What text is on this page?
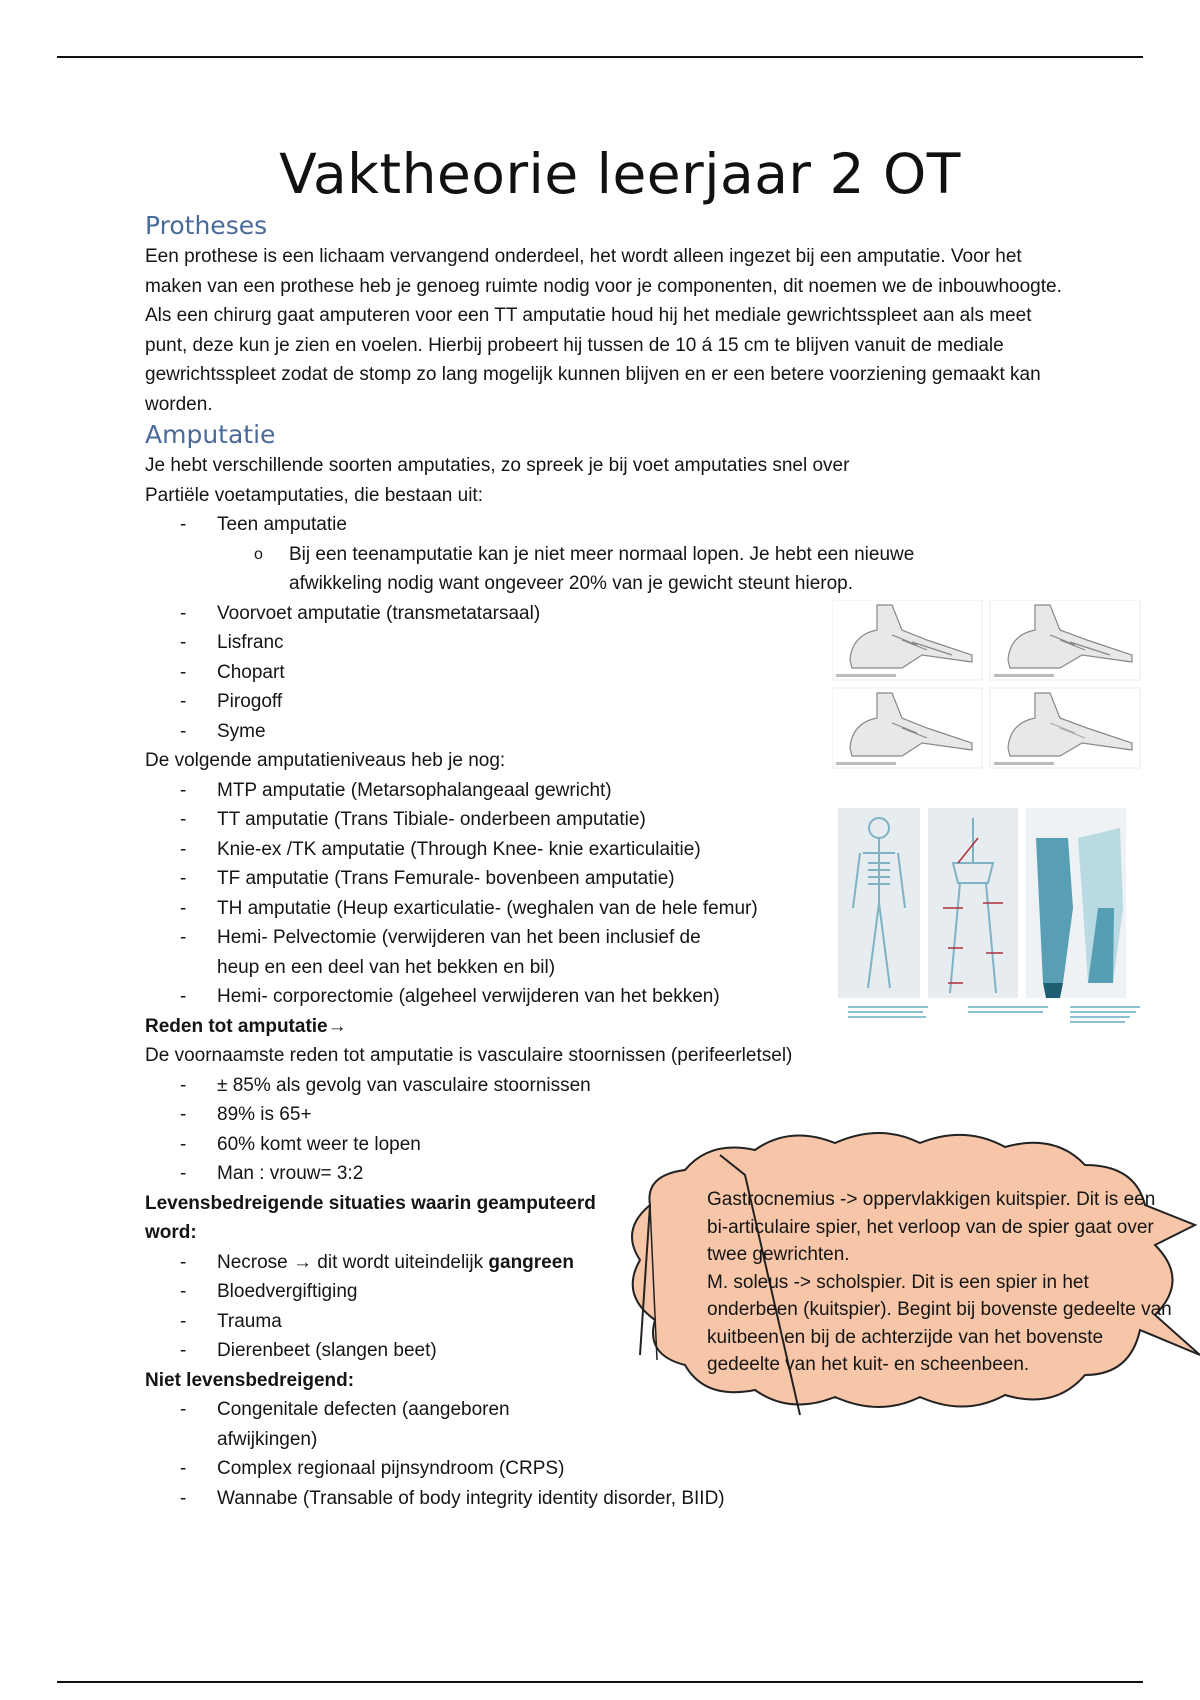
Vaktheorie leerjaar 2 OT
Protheses

Een prothese is een lichaam vervangend onderdeel, het wordt alleen ingezet bij een amputatie. Voor het maken van een prothese heb je genoeg ruimte nodig voor je componenten, dit noemen we de inbouwhoogte. Als een chirurg gaat amputeren voor een TT amputatie houd hij het mediale gewrichtsspleet aan als meet punt, deze kun je zien en voelen. Hierbij probeert hij tussen de 10 á 15 cm te blijven vanuit de mediale gewrichtsspleet zodat de stomp zo lang mogelijk kunnen blijven en er een betere voorziening gemaakt kan worden.

Amputatie

Je hebt verschillende soorten amputaties, zo spreek je bij voet amputaties snel over Partiële voetamputaties, die bestaan uit:

- Teen amputatie
o Bij een teenamputatie kan je niet meer normaal lopen. Je hebt een nieuwe afwikkeling nodig want ongeveer 20% van je gewicht steunt hierop.
- Voorvoet amputatie (transmetatarsaal)
- Lisfranc
- Chopart
- Pirogoff
- Syme

De volgende amputatieniveaus heb je nog:

- MTP amputatie (Metarsophalangeaal gewricht)
- TT amputatie (Trans Tibiale- onderbeen amputatie)
- Knie-ex /TK amputatie (Through Knee- knie exarticulaitie)
- TF amputatie (Trans Femurale- bovenbeen amputatie)
- TH amputatie (Heup exarticulatie- (weghalen van de hele femur)
- Hemi- Pelvectomie (verwijderen van het been inclusief de heup en een deel van het bekken en bil)
- Hemi- corporectomie (algeheel verwijderen van het bekken)

Reden tot amputatie→

De voornaamste reden tot amputatie is vasculaire stoornissen (perifeerletsel)

- ± 85% als gevolg van vasculaire stoornissen
- 89% is 65+
- 60% komt weer te lopen
- Man : vrouw= 3:2

Levensbedreigende situaties waarin geamputeerd word:

- Necrose → dit wordt uiteindelijk gangreen
- Bloedvergiftiging
- Trauma
- Dierenbeet (slangen beet)

Niet levensbedreigend:

- Congenitale defecten (aangeboren afwijkingen)
- Complex regionaal pijnsyndroom (CRPS)
- Wannabe (Transable of body integrity identity disorder, BIID)
Gastrocnemius -> oppervlakkigen kuitspier. Dit is een bi-articulaire spier, het verloop van de spier gaat over twee gewrichten.
M. soleus -> scholspier. Dit is een spier in het onderbeen (kuitspier). Begint bij bovenste gedeelte van kuitbeen en bij de achterzijde van het bovenste gedeelte van het kuit- en scheenbeen.
